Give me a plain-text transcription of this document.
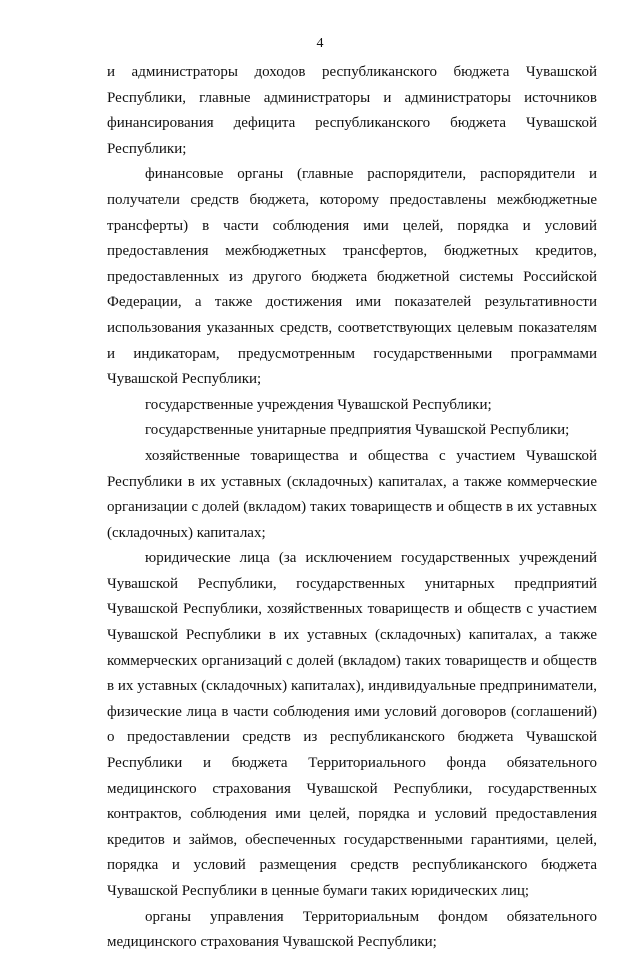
4

и администраторы доходов республиканского бюджета Чувашской Республики, главные администраторы и администраторы источников финансирования дефицита республиканского бюджета Чувашской Республики;

финансовые органы (главные распорядители, распорядители и получатели средств бюджета, которому предоставлены межбюджетные трансферты) в части соблюдения ими целей, порядка и условий предоставления межбюджетных трансфертов, бюджетных кредитов, предоставленных из другого бюджета бюджетной системы Российской Федерации, а также достижения ими показателей результативности использования указанных средств, соответствующих целевым показателям и индикаторам, предусмотренным государственными программами Чувашской Республики;

государственные учреждения Чувашской Республики;

государственные унитарные предприятия Чувашской Республики;

хозяйственные товарищества и общества с участием Чувашской Республики в их уставных (складочных) капиталах, а также коммерческие организации с долей (вкладом) таких товариществ и обществ в их уставных (складочных) капиталах;

юридические лица (за исключением государственных учреждений Чувашской Республики, государственных унитарных предприятий Чувашской Республики, хозяйственных товариществ и обществ с участием Чувашской Республики в их уставных (складочных) капиталах, а также коммерческих организаций с долей (вкладом) таких товариществ и обществ в их уставных (складочных) капиталах), индивидуальные предприниматели, физические лица в части соблюдения ими условий договоров (соглашений) о предоставлении средств из республиканского бюджета Чувашской Республики и бюджета Территориального фонда обязательного медицинского страхования Чувашской Республики, государственных контрактов, соблюдения ими целей, порядка и условий предоставления кредитов и займов, обеспеченных государственными гарантиями, целей, порядка и условий размещения средств республиканского бюджета Чувашской Республики в ценные бумаги таких юридических лиц;

органы управления Территориальным фондом обязательного медицинского страхования Чувашской Республики;
